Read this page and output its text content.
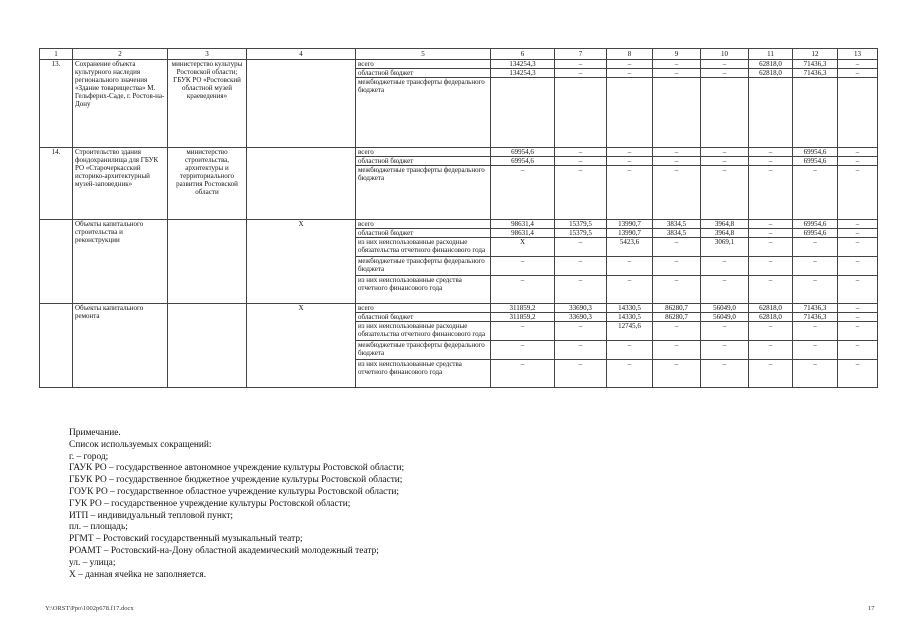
1	2	3	4	5	6	7	8	9	10	11	12	13
13.	Сохранение объекта культурного наследия регионального значения «Здание товарищества» М. Гельферих-Саде, г. Ростов-на-Дону	министерство культуры Ростовской области; ГБУК РО «Ростовский областной музей краеведения»		всего	134254,3	–	–	–	–	62818,0	71436,3	–
				областной бюджет	134254,3	–	–	–	–	62818,0	71436,3	–
				межбюджетные трансферты федерального бюджета								
14.	Строительство здания фондохранилища для ГБУК РО «Старочеркасский историко-архитектурный музей-заповедник»	министерство строительства, архитектуры и территориального развития Ростовской области		всего	69954,6	–	–	–	–	–	69954,6	–
				областной бюджет	69954,6	–	–	–	–	–	69954,6	–
				межбюджетные трансферты федерального бюджета	–	–	–	–	–	–	–	–
	Объекты капитального строительства и реконструкции		X	всего	98631,4	15379,5	13990,7	3834,5	3964,8	–	69954,6	–
				областной бюджет	98631,4	15379,5	13990,7	3834,5	3964,8	–	69954,6	–
				из них неиспользованные расходные обязательства отчетного финансового года	X	–	5423,6	–	3069,1	–	–	–
				межбюджетные трансферты федерального бюджета	–	–	–	–	–	–	–	–
				из них неиспользованные средства отчетного финансового года	–	–	–	–	–	–	–	–
	Объекты капитального ремонта		X	всего	311859,2	33690,3	14330,5	86280,7	56049,0	62818,0	71436,3	–
				областной бюджет	311859,2	33690,3	14330,5	86280,7	56049,0	62818,0	71436,3	–
				из них неиспользованные расходные обязательства отчетного финансового года	–	–	12745,6	–	–	–	–	–
				межбюджетные трансферты федерального бюджета	–	–	–	–	–	–	–	–
				из них неиспользованные средства отчетного финансового года	–	–	–	–	–	–	–	–
Примечание.
Список используемых сокращений:
г. – город;
ГАУК РО – государственное автономное учреждение культуры Ростовской области;
ГБУК РО – государственное бюджетное учреждение культуры Ростовской области;
ГОУК РО – государственное областное учреждение культуры Ростовской области;
ГУК РО – государственное учреждение культуры Ростовской области;
ИТП – индивидуальный тепловой пункт;
пл. – площадь;
РГМТ – Ростовский государственный музыкальный театр;
РОАМТ – Ростовский-на-Дону областной академический молодежный театр;
ул. – улица;
X – данная ячейка не заполняется.
Y:\ORST\Ppo\1002p678.f17.docx	17
